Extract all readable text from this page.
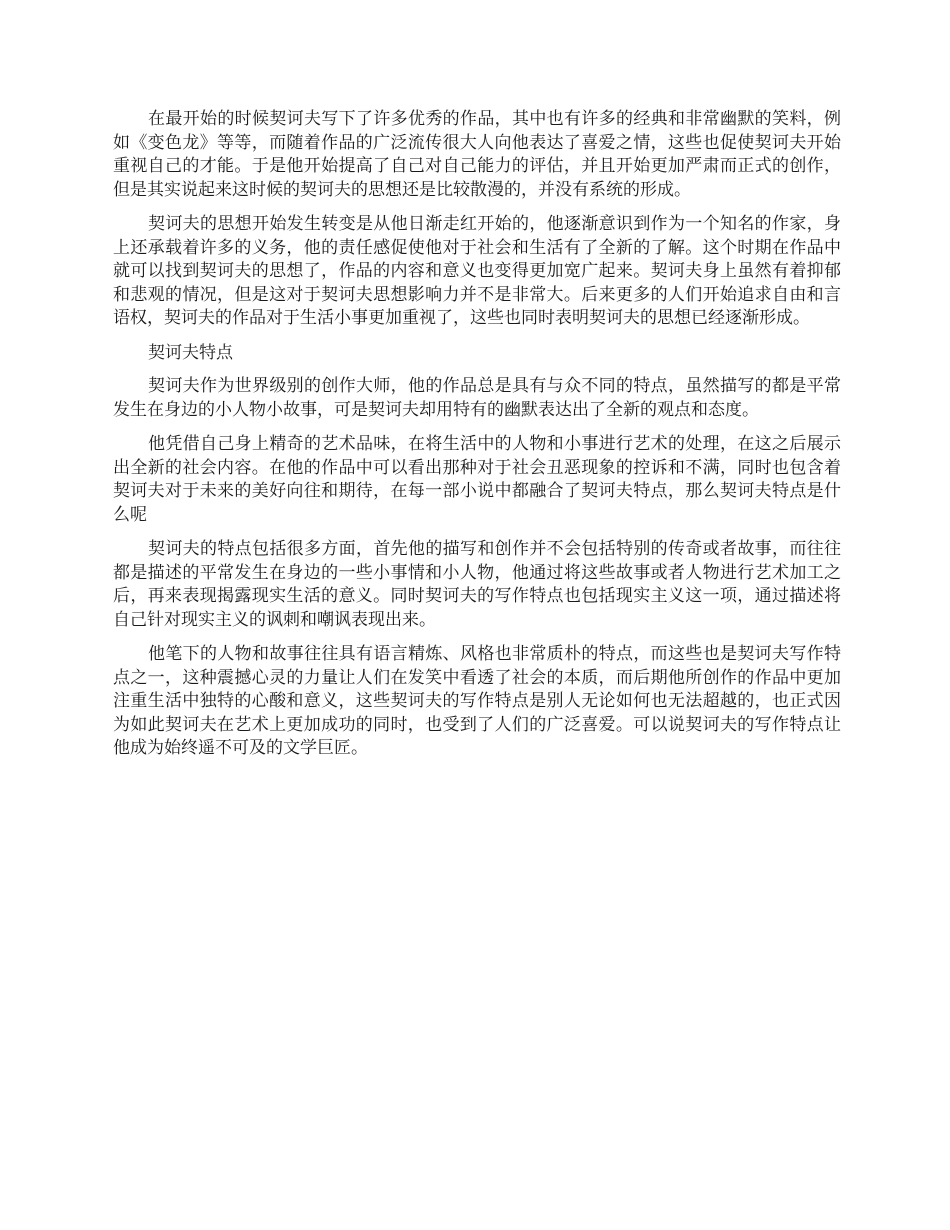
在最开始的时候契诃夫写下了许多优秀的作品，其中也有许多的经典和非常幽默的笑料，例如《变色龙》等等，而随着作品的广泛流传很大人向他表达了喜爱之情，这些也促使契诃夫开始重视自己的才能。于是他开始提高了自己对自己能力的评估，并且开始更加严肃而正式的创作，但是其实说起来这时候的契诃夫的思想还是比较散漫的，并没有系统的形成。

契诃夫的思想开始发生转变是从他日渐走红开始的，他逐渐意识到作为一个知名的作家，身上还承载着许多的义务，他的责任感促使他对于社会和生活有了全新的了解。这个时期在作品中就可以找到契诃夫的思想了，作品的内容和意义也变得更加宽广起来。契诃夫身上虽然有着抑郁和悲观的情况，但是这对于契诃夫思想影响力并不是非常大。后来更多的人们开始追求自由和言语权，契诃夫的作品对于生活小事更加重视了，这些也同时表明契诃夫的思想已经逐渐形成。

契诃夫特点

契诃夫作为世界级别的创作大师，他的作品总是具有与众不同的特点，虽然描写的都是平常发生在身边的小人物小故事，可是契诃夫却用特有的幽默表达出了全新的观点和态度。

他凭借自己身上精奇的艺术品味，在将生活中的人物和小事进行艺术的处理，在这之后展示出全新的社会内容。在他的作品中可以看出那种对于社会丑恶现象的控诉和不满，同时也包含着契诃夫对于未来的美好向往和期待，在每一部小说中都融合了契诃夫特点，那么契诃夫特点是什么呢

契诃夫的特点包括很多方面，首先他的描写和创作并不会包括特别的传奇或者故事，而往往都是描述的平常发生在身边的一些小事情和小人物，他通过将这些故事或者人物进行艺术加工之后，再来表现揭露现实生活的意义。同时契诃夫的写作特点也包括现实主义这一项，通过描述将自己针对现实主义的讽刺和嘲讽表现出来。

他笔下的人物和故事往往具有语言精炼、风格也非常质朴的特点，而这些也是契诃夫写作特点之一，这种震撼心灵的力量让人们在发笑中看透了社会的本质，而后期他所创作的作品中更加注重生活中独特的心酸和意义，这些契诃夫的写作特点是别人无论如何也无法超越的，也正式因为如此契诃夫在艺术上更加成功的同时，也受到了人们的广泛喜爱。可以说契诃夫的写作特点让他成为始终遥不可及的文学巨匠。
